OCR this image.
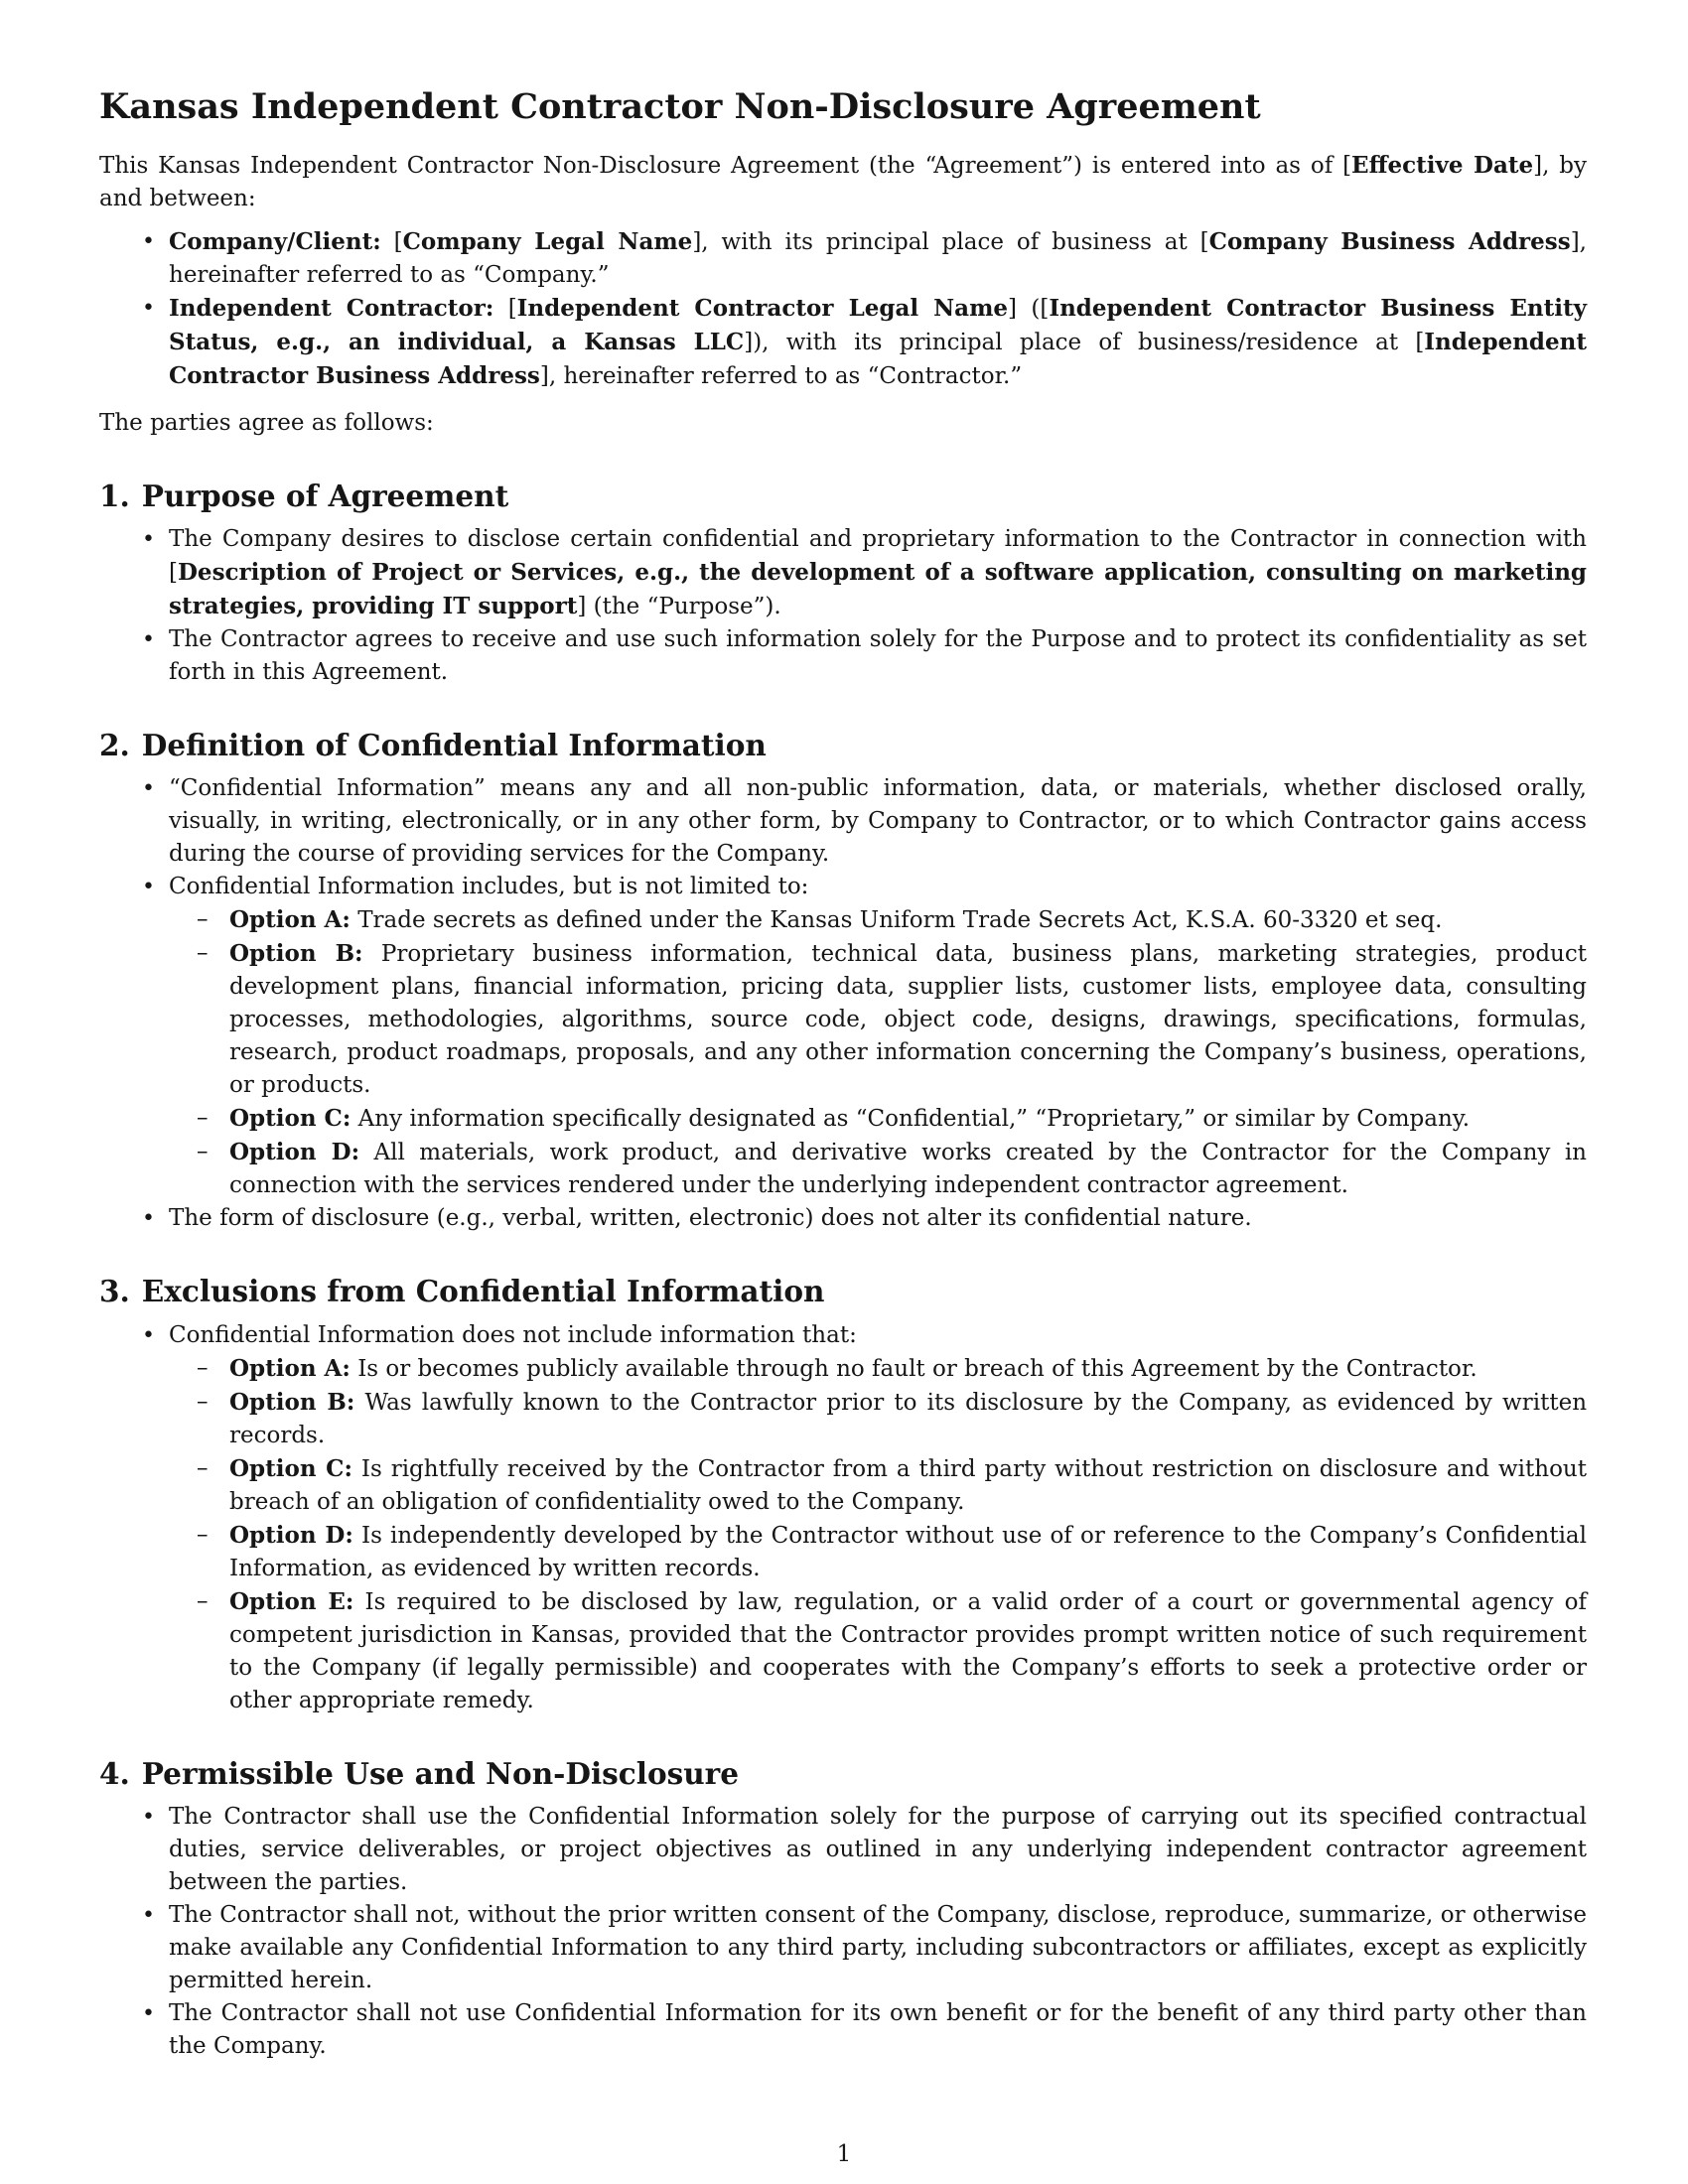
Kansas Independent Contractor Non-Disclosure Agreement

This Kansas Independent Contractor Non-Disclosure Agreement (the “Agreement”) is entered into as of [Effective Date], by and between:

• Company/Client: [Company Legal Name], with its principal place of business at [Company Business Address], hereinafter referred to as “Company.”
• Independent Contractor: [Independent Contractor Legal Name] ([Independent Contractor Business Entity Status, e.g., an individual, a Kansas LLC]), with its principal place of business/residence at [Independent Contractor Business Address], hereinafter referred to as “Contractor.”

The parties agree as follows:

1. Purpose of Agreement
• The Company desires to disclose certain confidential and proprietary information to the Contractor in connection with [Description of Project or Services, e.g., the development of a software application, consulting on marketing strategies, providing IT support] (the “Purpose”).
• The Contractor agrees to receive and use such information solely for the Purpose and to protect its confidentiality as set forth in this Agreement.
2. Definition of Confidential Information
• “Confidential Information” means any and all non-public information, data, or materials, whether disclosed orally, visually, in writing, electronically, or in any other form, by Company to Contractor, or to which Contractor gains access during the course of providing services for the Company.
• Confidential Information includes, but is not limited to:
– Option A: Trade secrets as defined under the Kansas Uniform Trade Secrets Act, K.S.A. 60-3320 et seq.
– Option B: Proprietary business information, technical data, business plans, marketing strategies, product development plans, financial information, pricing data, supplier lists, customer lists, employee data, consulting processes, methodologies, algorithms, source code, object code, designs, drawings, specifications, formulas, research, product roadmaps, proposals, and any other information concerning the Company’s business, operations, or products.
– Option C: Any information specifically designated as “Confidential,” “Proprietary,” or similar by Company.
– Option D: All materials, work product, and derivative works created by the Contractor for the Company in connection with the services rendered under the underlying independent contractor agreement.
• The form of disclosure (e.g., verbal, written, electronic) does not alter its confidential nature.
3. Exclusions from Confidential Information
• Confidential Information does not include information that:
– Option A: Is or becomes publicly available through no fault or breach of this Agreement by the Contractor.
– Option B: Was lawfully known to the Contractor prior to its disclosure by the Company, as evidenced by written records.
– Option C: Is rightfully received by the Contractor from a third party without restriction on disclosure and without breach of an obligation of confidentiality owed to the Company.
– Option D: Is independently developed by the Contractor without use of or reference to the Company’s Confidential Information, as evidenced by written records.
– Option E: Is required to be disclosed by law, regulation, or a valid order of a court or governmental agency of competent jurisdiction in Kansas, provided that the Contractor provides prompt written notice of such requirement to the Company (if legally permissible) and cooperates with the Company’s efforts to seek a protective order or other appropriate remedy.
4. Permissible Use and Non-Disclosure
• The Contractor shall use the Confidential Information solely for the purpose of carrying out its specified contractual duties, service deliverables, or project objectives as outlined in any underlying independent contractor agreement between the parties.
• The Contractor shall not, without the prior written consent of the Company, disclose, reproduce, summarize, or otherwise make available any Confidential Information to any third party, including subcontractors or affiliates, except as explicitly permitted herein.
• The Contractor shall not use Confidential Information for its own benefit or for the benefit of any third party other than the Company.
1
